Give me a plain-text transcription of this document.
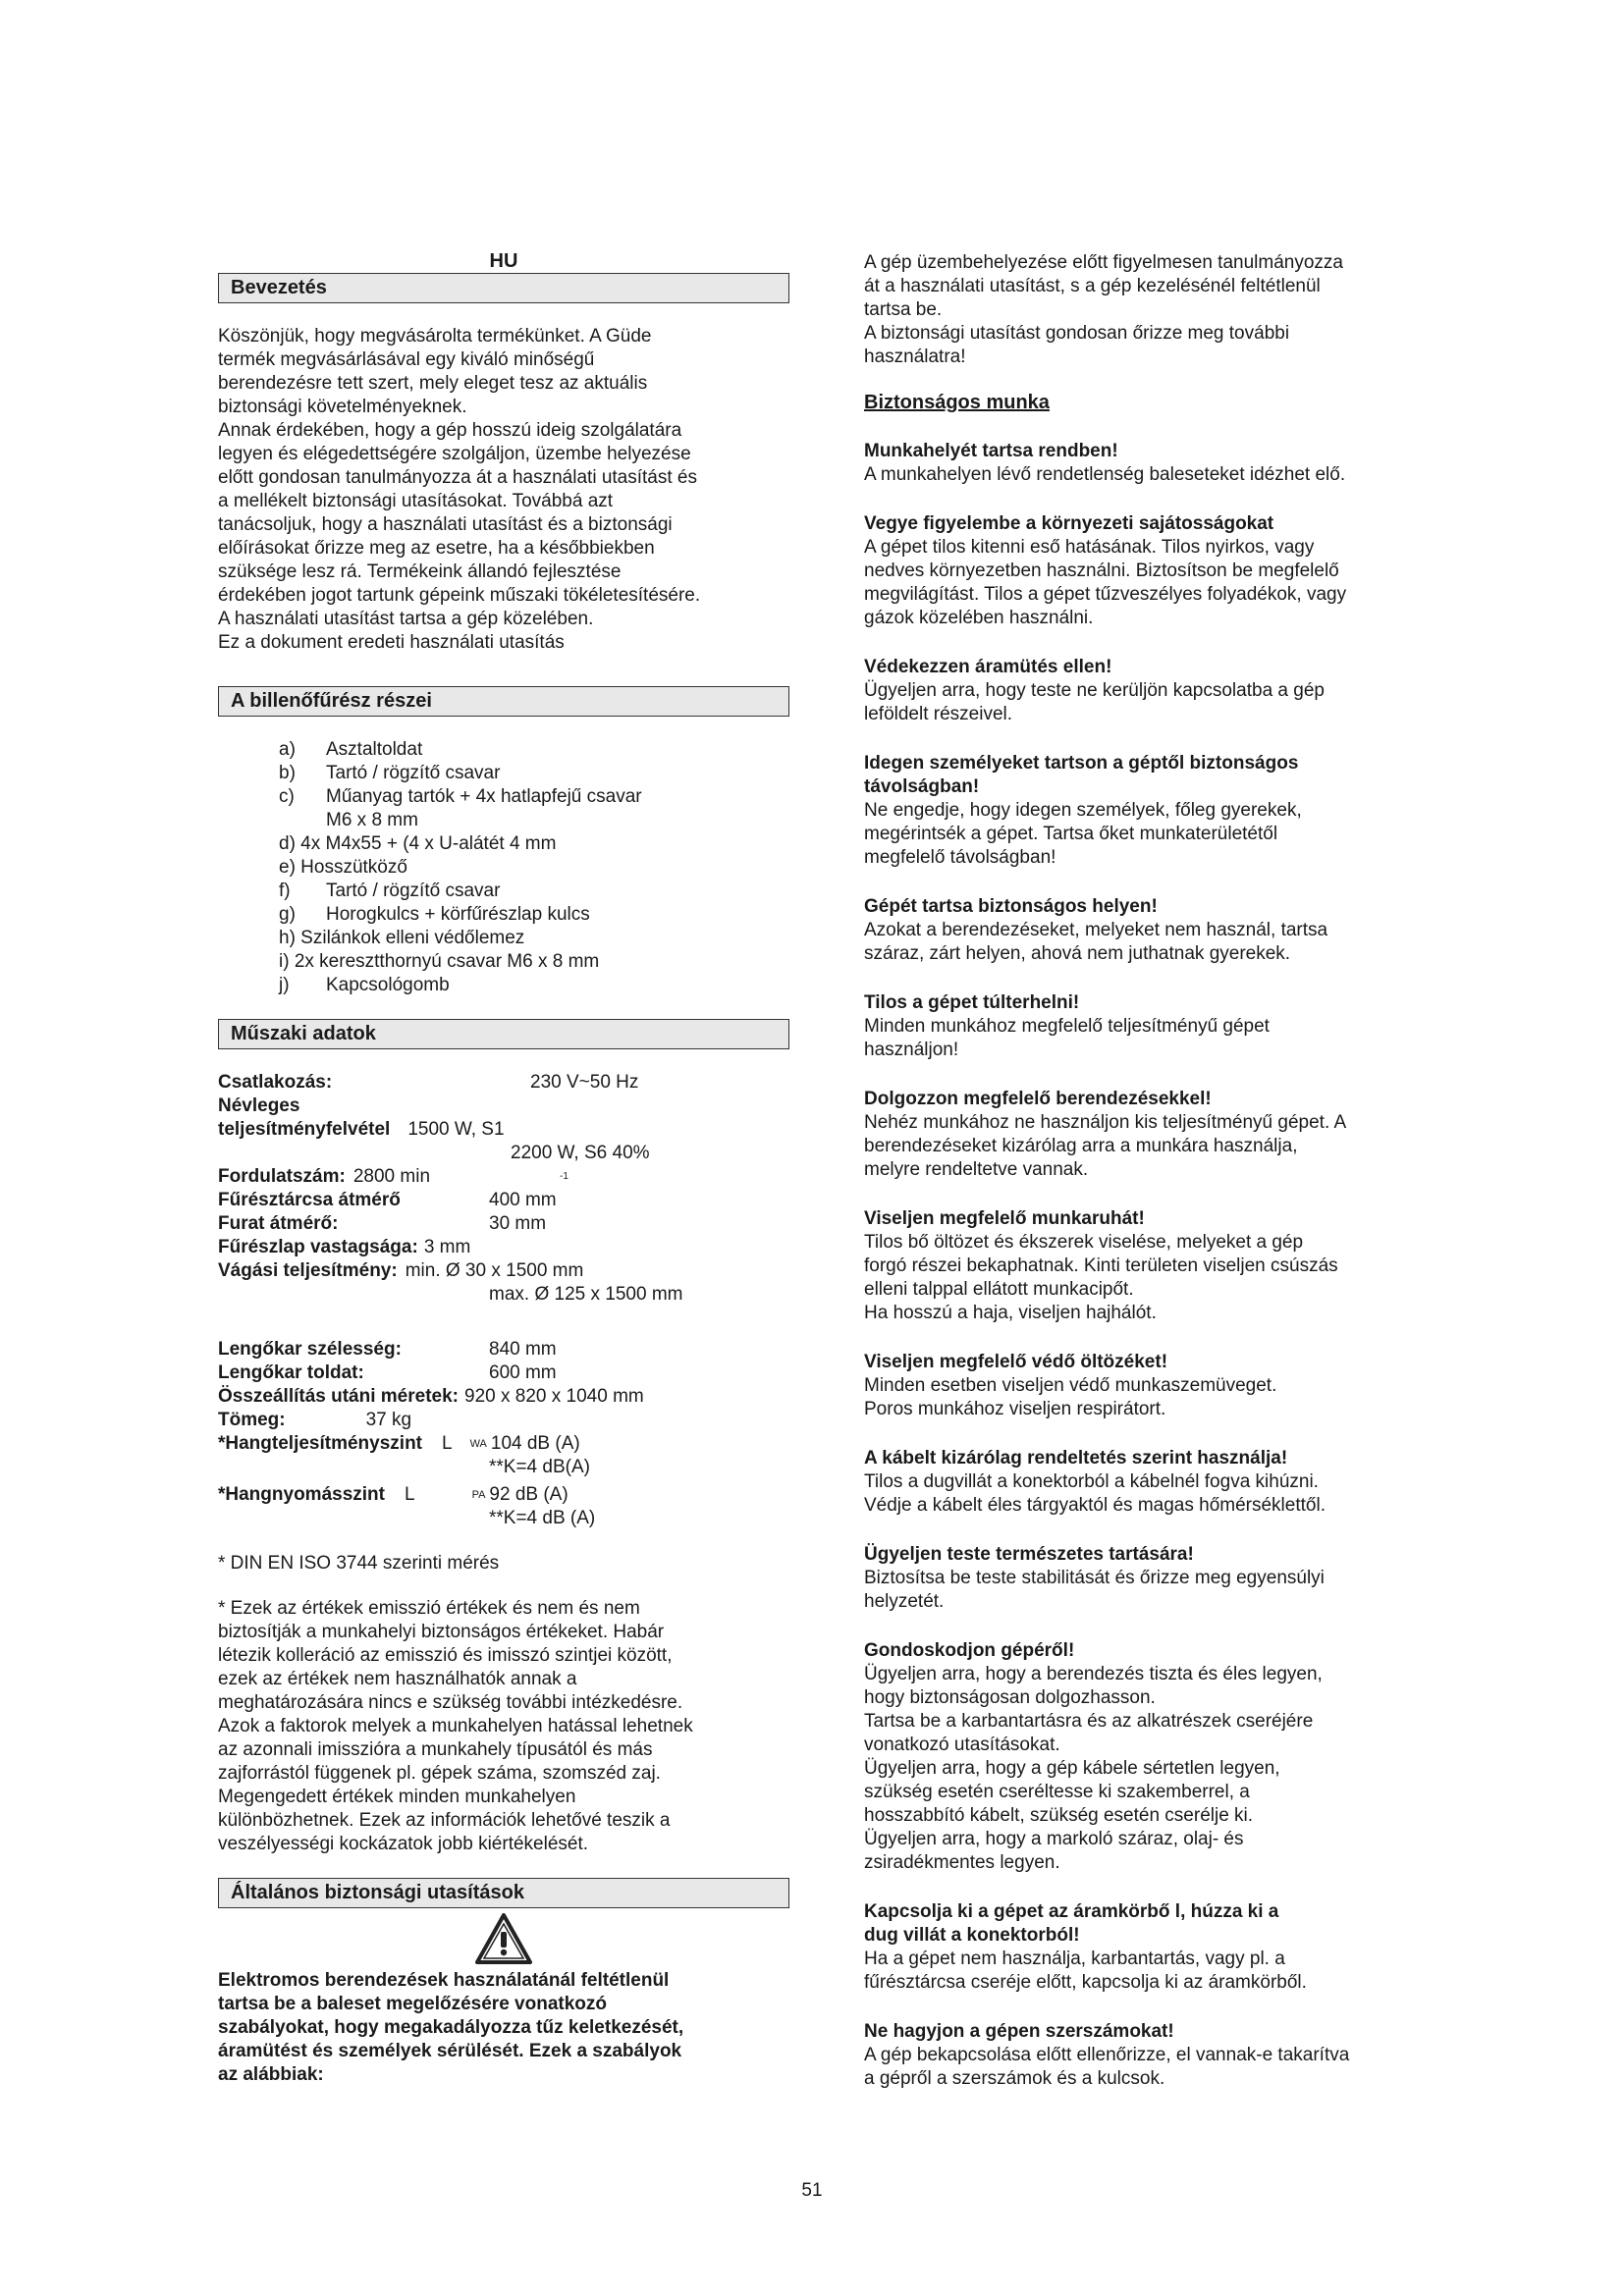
HU
Bevezetés

Köszönjük, hogy megvásárolta termékünket. A Güde

termék megvásárlásával egy kiváló minőségű

berendezésre tett szert, mely eleget tesz az aktuális

biztonsági követelményeknek.

Annak érdekében, hogy a gép hosszú ideig szolgálatára

legyen és elégedettségére szolgáljon, üzembe helyezése

előtt gondosan tanulmányozza át a használati utasítást és

a mellékelt biztonsági utasításokat. Továbbá azt

tanácsoljuk, hogy a használati utasítást és a biztonsági

előírásokat őrizze meg az esetre, ha a későbbiekben

szüksége lesz rá. Termékeink állandó fejlesztése

érdekében jogot tartunk gépeink műszaki tökéletesítésére.

A használati utasítást tartsa a gép közelében.

Ez a dokument eredeti használati utasítás

A billenőfűrész részei
a)	Asztaltoldat
b)	Tartó / rögzítő csavar
c)	Műanyag tartók + 4x hatlapfejű csavar
M6 x 8 mm
d) 4x M4x55 + (4 x U-alátét 4 mm
e) Hosszütköző
f)	Tartó / rögzítő csavar
g)	Horogkulcs + körfűrészlap kulcs
h) Szilánkok elleni védőlemez
i) 2x keresztthornyú csavar M6 x 8 mm
j)	Kapcsológomb
Műszaki adatok
Csatlakozás:	230 V~50 Hz
Névleges
teljesítményfelvétel 1500 W, S1
2200 W, S6 40%
Fordulatszám: 2800 min	-1
Fűrésztárcsa átmérő	400 mm
Furat átmérő:	30 mm
Fűrészlap vastagsága: 3 mm
Vágási teljesítmény: min. Ø 30 x 1500 mm
max. Ø 125 x 1500 mm
Lengőkar szélesség:	840 mm
Lengőkar toldat:	600 mm
Összeállítás utáni méretek: 920 x 820 x 1040 mm
Tömeg:	37 kg
*Hangteljesítményszint L WA 104 dB (A)
**K=4 dB(A)
*Hangnyomásszint L	PA 92 dB (A)
**K=4 dB (A)

* DIN EN ISO 3744 szerinti mérés

* Ezek az értékek emisszió értékek és nem és nem

biztosítják a munkahelyi biztonságos értékeket. Habár

létezik kolleráció az emisszió és imisszó szintjei között,

ezek az értékek nem használhatók annak a

meghatározására nincs e szükség további intézkedésre.

Azok a faktorok melyek a munkahelyen hatással lehetnek

az azonnali imisszióra a munkahely típusától és más

zajforrástól függenek pl. gépek száma, szomszéd zaj.

Megengedett értékek minden munkahelyen

különbözhetnek. Ezek az információk lehetővé teszik a

veszélyességi kockázatok jobb kiértékelését.

Általános biztonsági utasítások

Elektromos berendezések használatánál feltétlenül

tartsa be a baleset megelőzésére vonatkozó

szabályokat, hogy megakadályozza tűz keletkezését,

áramütést és személyek sérülését. Ezek a szabályok

az alábbiak:

A gép üzembehelyezése előtt figyelmesen tanulmányozza

át a használati utasítást, s a gép kezelésénél feltétlenül

tartsa be.

A biztonsági utasítást gondosan őrizze meg további

használatra!

Biztonságos munka

Munkahelyét tartsa rendben!

A munkahelyen lévő rendetlenség baleseteket idézhet elő.

Vegye figyelembe a környezeti sajátosságokat

A gépet tilos kitenni eső hatásának. Tilos nyirkos, vagy

nedves környezetben használni. Biztosítson be megfelelő

megvilágítást. Tilos a gépet tűzveszélyes folyadékok, vagy

gázok közelében használni.

Védekezzen áramütés ellen!

Ügyeljen arra, hogy teste ne kerüljön kapcsolatba a gép

leföldelt részeivel.

Idegen személyeket tartson a géptől biztonságos

távolságban!

Ne engedje, hogy idegen személyek, főleg gyerekek,

megérintsék a gépet. Tartsa őket munkaterületétől

megfelelő távolságban!

Gépét tartsa biztonságos helyen!

Azokat a berendezéseket, melyeket nem használ, tartsa

száraz, zárt helyen, ahová nem juthatnak gyerekek.

Tilos a gépet túlterhelni!

Minden munkához megfelelő teljesítményű gépet

használjon!

Dolgozzon megfelelő berendezésekkel!

Nehéz munkához ne használjon kis teljesítményű gépet. A

berendezéseket kizárólag arra a munkára használja,

melyre rendeltetve vannak.

Viseljen megfelelő munkaruhát!

Tilos bő öltözet és ékszerek viselése, melyeket a gép

forgó részei bekaphatnak. Kinti területen viseljen csúszás

elleni talppal ellátott munkacipőt.

Ha hosszú a haja, viseljen hajhálót.

Viseljen megfelelő védő öltözéket!

Minden esetben viseljen védő munkaszemüveget.

Poros munkához viseljen respirátort.

A kábelt kizárólag rendeltetés szerint használja!

Tilos a dugvillát a konektorból a kábelnél fogva kihúzni.

Védje a kábelt éles tárgyaktól és magas hőmérséklettől.

Ügyeljen teste természetes tartására!

Biztosítsa be teste stabilitását és őrizze meg egyensúlyi

helyzetét.

Gondoskodjon gépéről!

Ügyeljen arra, hogy a berendezés tiszta és éles legyen,

hogy biztonságosan dolgozhasson.

Tartsa be a karbantartásra és az alkatrészek cseréjére

vonatkozó utasításokat.

Ügyeljen arra, hogy a gép kábele sértetlen legyen,

szükség esetén cseréltesse ki szakemberrel, a

hosszabbító kábelt, szükség esetén cserélje ki.

Ügyeljen arra, hogy a markoló száraz, olaj- és

zsiradékmentes legyen.

Kapcsolja ki a gépet az áramkörbő l, húzza ki a

dug villát a konektorból!

Ha a gépet nem használja, karbantartás, vagy pl. a

fűrésztárcsa cseréje előtt, kapcsolja ki az áramkörből.

Ne hagyjon a gépen szerszámokat!

A gép bekapcsolása előtt ellenőrizze, el vannak-e takarítva

a gépről a szerszámok és a kulcsok.

51
